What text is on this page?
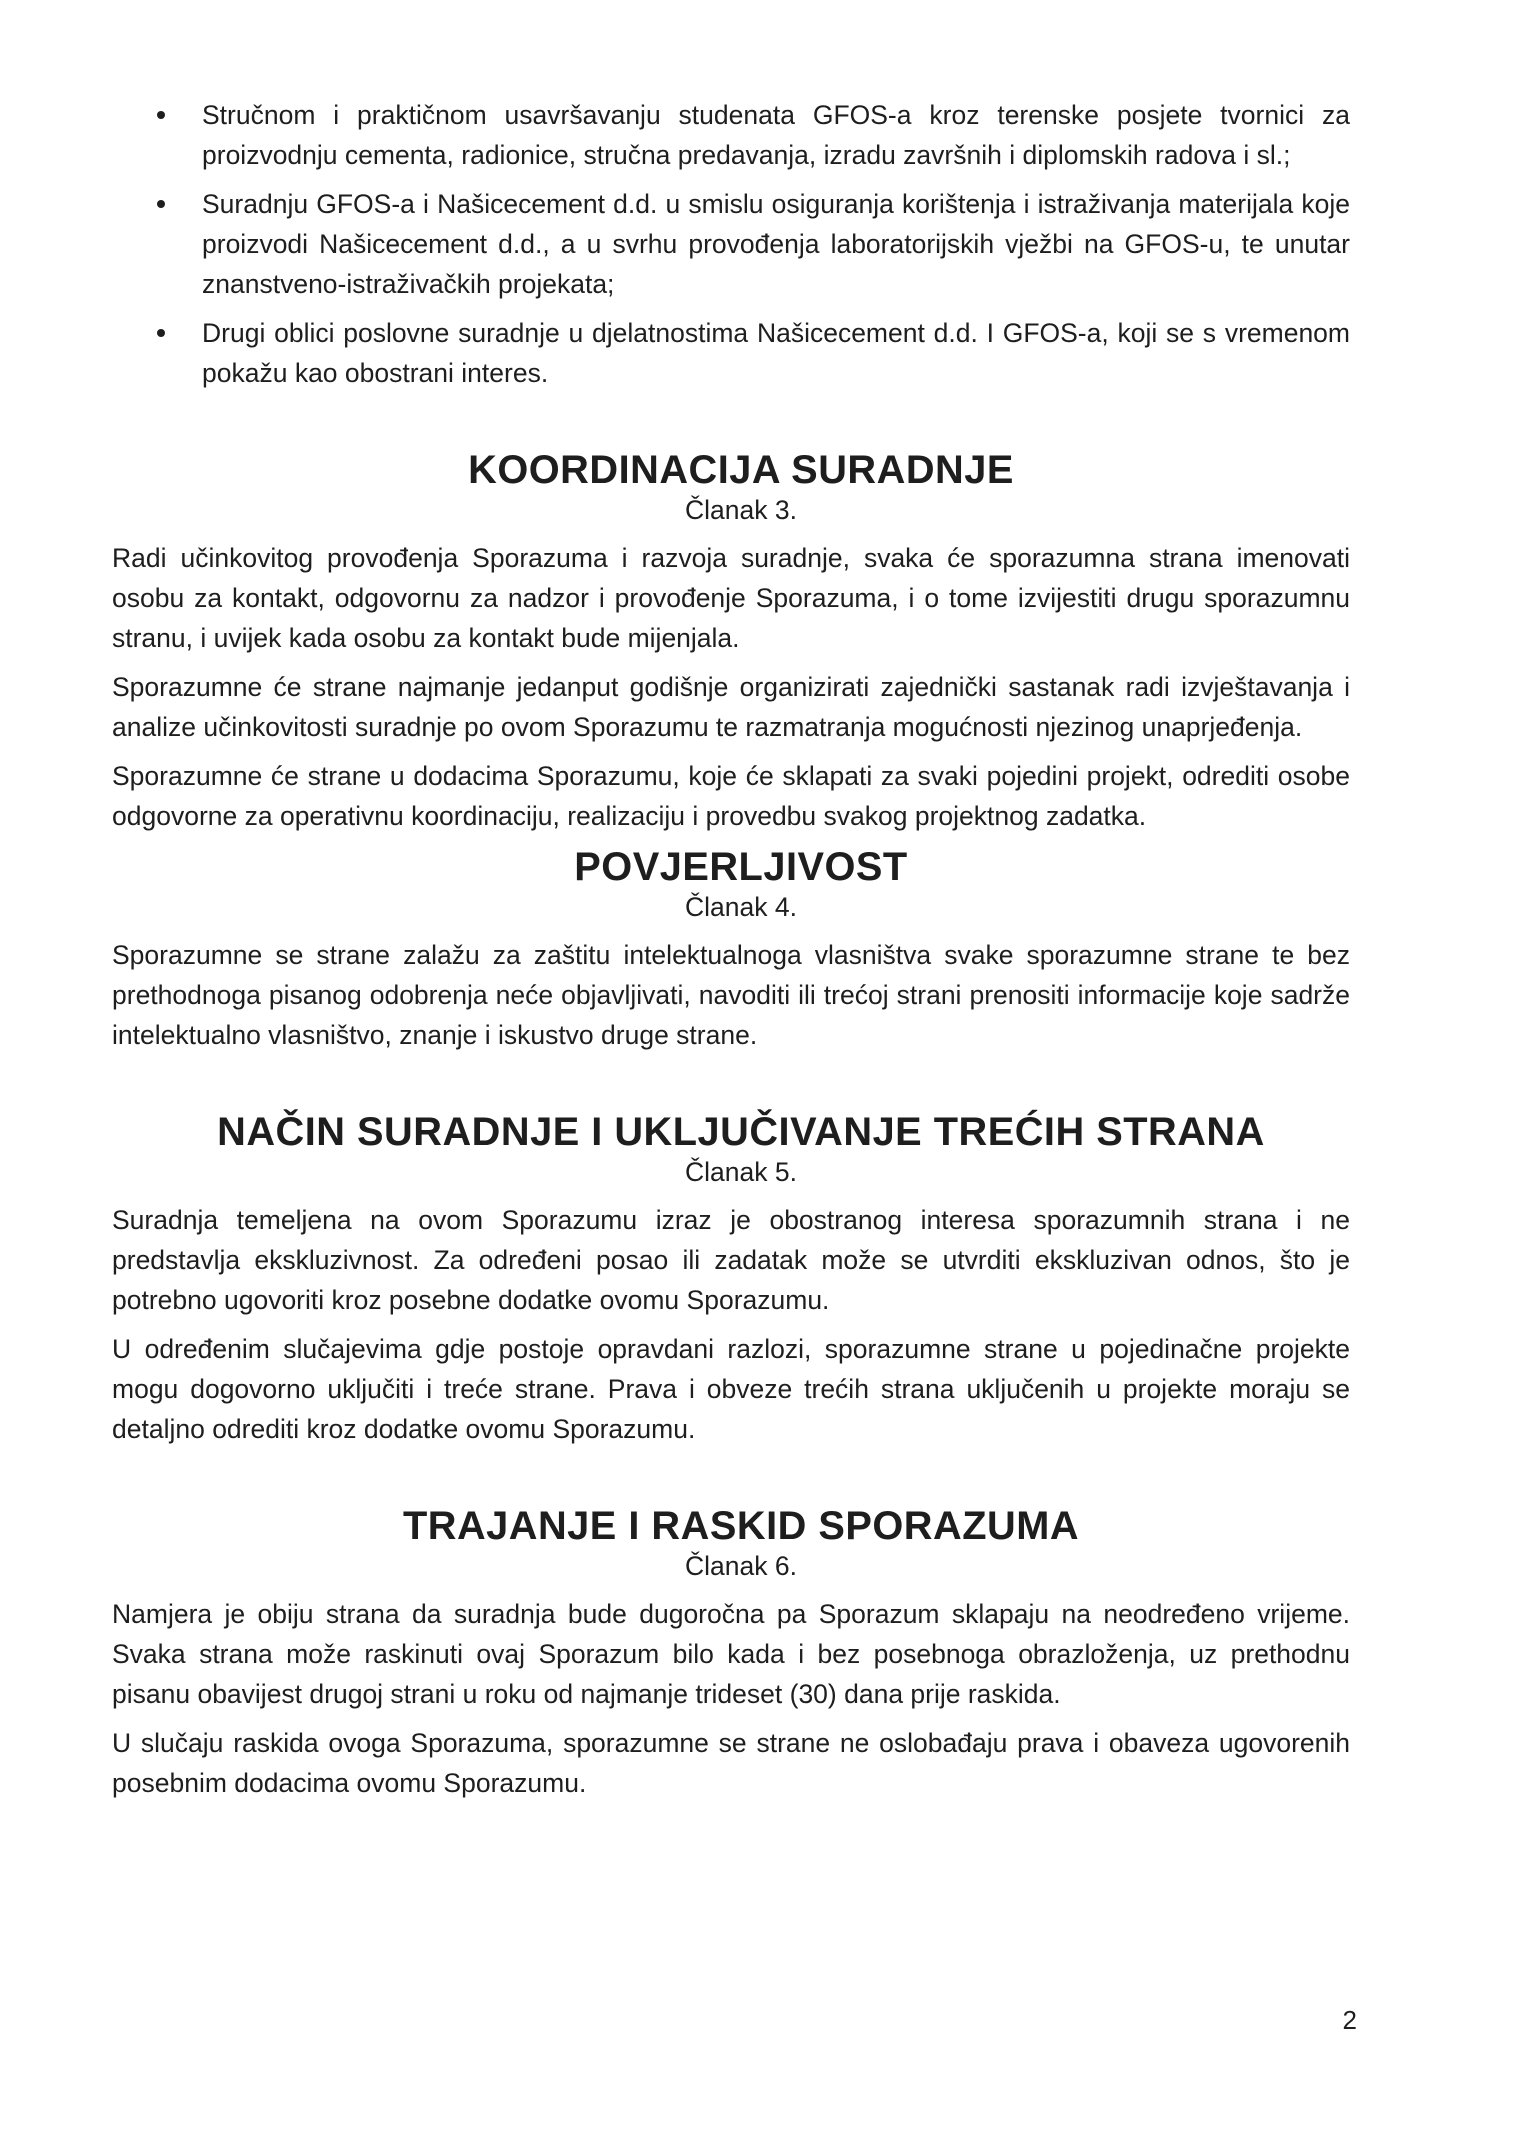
Stručnom i praktičnom usavršavanju studenata GFOS-a kroz terenske posjete tvornici za proizvodnju cementa, radionice, stručna predavanja, izradu završnih i diplomskih radova i sl.;
Suradnju GFOS-a i Našicecement d.d. u smislu osiguranja korištenja i istraživanja materijala koje proizvodi Našicecement d.d., a u svrhu provođenja laboratorijskih vježbi na GFOS-u, te unutar znanstveno-istraživačkih projekata;
Drugi oblici poslovne suradnje u djelatnostima Našicecement d.d. I GFOS-a, koji se s vremenom pokažu kao obostrani interes.
KOORDINACIJA SURADNJE
Članak 3.

Radi učinkovitog provođenja Sporazuma i razvoja suradnje, svaka će sporazumna strana imenovati osobu za kontakt, odgovornu za nadzor i provođenje Sporazuma, i o tome izvijestiti drugu sporazumnu stranu, i uvijek kada osobu za kontakt bude mijenjala.

Sporazumne će strane najmanje jedanput godišnje organizirati zajednički sastanak radi izvještavanja i analize učinkovitosti suradnje po ovom Sporazumu te razmatranja mogućnosti njezinog unaprjeđenja.

Sporazumne će strane u dodacima Sporazumu, koje će sklapati za svaki pojedini projekt, odrediti osobe odgovorne za operativnu koordinaciju, realizaciju i provedbu svakog projektnog zadatka.

POVJERLJIVOST
Članak 4.

Sporazumne se strane zalažu za zaštitu intelektualnoga vlasništva svake sporazumne strane te bez prethodnoga pisanog odobrenja neće objavljivati, navoditi ili trećoj strani prenositi informacije koje sadrže intelektualno vlasništvo, znanje i iskustvo druge strane.

NAČIN SURADNJE I UKLJUČIVANJE TREĆIH STRANA
Članak 5.

Suradnja temeljena na ovom Sporazumu izraz je obostranog interesa sporazumnih strana i ne predstavlja ekskluzivnost. Za određeni posao ili zadatak može se utvrditi ekskluzivan odnos, što je potrebno ugovoriti kroz posebne dodatke ovomu Sporazumu.

U određenim slučajevima gdje postoje opravdani razlozi, sporazumne strane u pojedinačne projekte mogu dogovorno uključiti i treće strane. Prava i obveze trećih strana uključenih u projekte moraju se detaljno odrediti kroz dodatke ovomu Sporazumu.

TRAJANJE I RASKID SPORAZUMA
Članak 6.

Namjera je obiju strana da suradnja bude dugoročna pa Sporazum sklapaju na neodređeno vrijeme. Svaka strana može raskinuti ovaj Sporazum bilo kada i bez posebnoga obrazloženja, uz prethodnu pisanu obavijest drugoj strani u roku od najmanje trideset (30) dana prije raskida.

U slučaju raskida ovoga Sporazuma, sporazumne se strane ne oslobađaju prava i obaveza ugovorenih posebnim dodacima ovomu Sporazumu.

2
